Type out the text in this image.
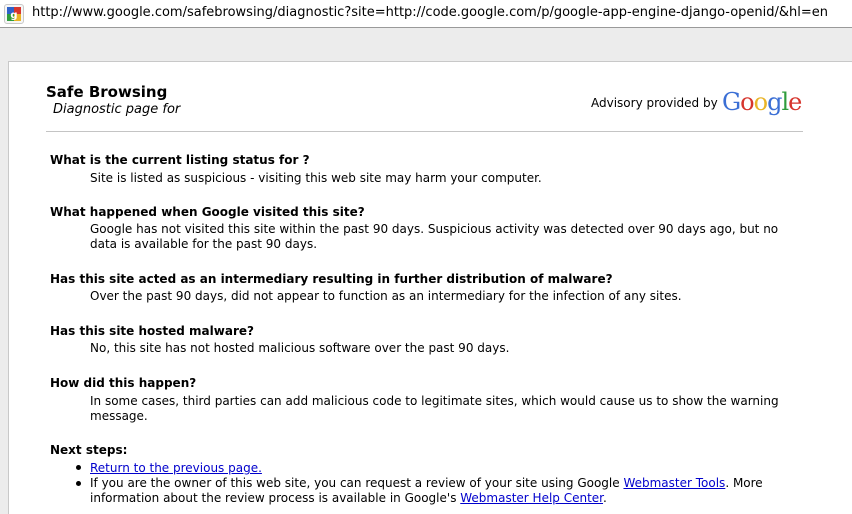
g http://www.google.com/safebrowsing/diagnostic?site=http://code.google.com/p/google-app-engine-django-openid/&hl=en
Safe Browsing
Diagnostic page for	Advisory provided by Google
What is the current listing status for ?
Site is listed as suspicious - visiting this web site may harm your computer.
What happened when Google visited this site?
Google has not visited this site within the past 90 days. Suspicious activity was detected over 90 days ago, but no data is available for the past 90 days.
Has this site acted as an intermediary resulting in further distribution of malware?
Over the past 90 days, did not appear to function as an intermediary for the infection of any sites.
Has this site hosted malware?
No, this site has not hosted malicious software over the past 90 days.
How did this happen?
In some cases, third parties can add malicious code to legitimate sites, which would cause us to show the warning message.
Next steps:
Return to the previous page.
If you are the owner of this web site, you can request a review of your site using Google Webmaster Tools. More information about the review process is available in Google's Webmaster Help Center.
